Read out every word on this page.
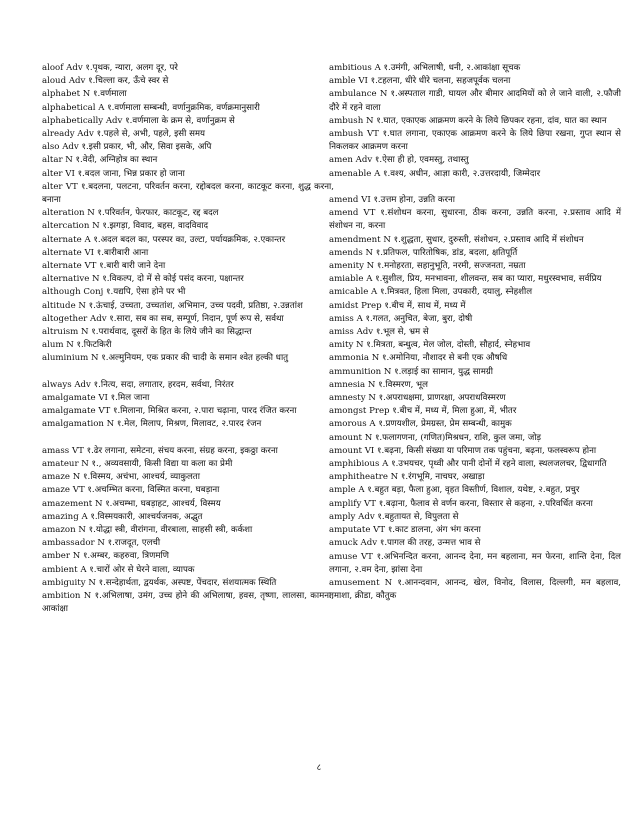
aloof Adv १.पृथक, न्यारा, अलग दूर, परे

aloud Adv १.चिल्ला कर, ऊँचे स्वर से

alphabet N १.वर्णमाला

alphabetical A १.वर्णमाला सम्बन्धी, वर्णानुक्रमिक, वर्णक्रमानुसारी

alphabetically Adv १.वर्णमाला के क्रम से, वर्णानुक्रम से

already Adv १.पहले से, अभी, पहले, इसी समय

also Adv १.इसी प्रकार, भी, और, सिवा इसके, अपि

altar N १.वेदी, अग्निहोत्र का स्थान

alter VI १.बदल जाना, भिन्न प्रकार हो जाना

alter VT १.बदलना, पलटना, परिवर्तन करना, रद्दोबदल करना, काटकूट करना, शुद्ध करना, बनाना

alteration N १.परिवर्तन, फेरफार, काटकूट, रद्द बदल

altercation N १.झगड़ा, विवाद, बहस, वादविवाद

alternate A १.अदल बदल का, परस्पर का, उल्टा, पर्यायक्रमिक, २.एकान्तर

alternate VI १.बारीबारी आना

alternate VT १.बारी बारी जाने देना

alternative N १.विकल्प, दो में से कोई पसंद करना, पक्षान्तर

although Conj १.यद्यपि, ऐसा होने पर भी

altitude N १.ऊंचाई, उच्चता, उच्चतांश, अभिमान, उच्च पदवी, प्रतिष्ठा, २.उन्नतांश

altogether Adv १.सारा, सब का सब, सम्पूर्ण, निदान, पूर्ण रूप से, सर्वथा

altruism N १.परार्थवाद, दूसरों के हित के लिये जीने का सिद्धान्त

alum N १.फिटकिरी

aluminium N १.अल्मुनियम, एक प्रकार की चादी के समान श्वेत हल्की धातु

always Adv १.नित्य, सदा, लगातार, हरदम, सर्वथा, निरंतर

amalgamate VI १.मिल जाना

amalgamate VT १.मिलाना, मिश्रित करना, २.पारा चढ़ाना, पारद रंजित करना

amalgamation N १.मेल, मिलाप, मिश्रण, मिलावट, २.पारद रंजन

amass VT १.ढेर लगाना, समेटना, संचय करना, संग्रह करना, इकठ्ठा करना

amateur N १., अव्यवसायी, किसी विद्या या कला का प्रेमी

amaze N १.विस्मय, अचंभा, आश्चर्य, व्याकुलता

amaze VT १.अचम्भित करना, विस्मित करना, घबड़ाना

amazement N १.अचम्भा, घबड़ाहट, आश्चर्य, विस्मय

amazing A १.विस्मयकारी, आश्चर्यजनक, अद्भुत

amazon N १.योद्धा स्त्री, वीरांगना, वीरबाला, साहसी स्त्री, कर्कशा

ambassador N १.राजदूत, एलची

amber N १.अम्बर, कहरुवा, त्रिणमणि

ambient A १.चारों ओर से घेरने वाला, व्यापक

ambiguity N १.सन्देहार्थता, द्वयर्थक, अस्पष्ट, पेंचदार, संशयात्मक स्थिति

ambition N १.अभिलाषा, उमंग, उच्च होने की अभिलाषा, हवस, तृष्णा, लालसा, कामना, आकांक्षा

ambitious A १.उमंगी, अभिलाषी, धनी, २.आकांक्षा सूचक

amble VI १.टहलना, धीरे धीरे चलना, सहजपूर्वक चलना

ambulance N १.अस्पताल गाडी, घायल और बीमार आदमियों को ले जाने वाली, २.फौजी दौरे में रहने वाला

ambush N १.घात, एकाएक आक्रमण करने के लिये छिपकर रहना, दांव, घात का स्थान

ambush VT १.घात लगाना, एकाएक आक्रमण करने के लिये छिपा रखना, गुप्त स्थान से निकलकर आक्रमण करना

amen Adv १.ऐसा ही हो, एवमस्तु, तथास्तु

amenable A १.वश्य, अधीन, आज्ञा कारी, २.उत्तरदायी, जिम्मेदार

amend VI १.उत्तम होना, उन्नति करना

amend VT १.संशोधन करना, सुधारना, ठीक करना, उन्नति करना, २.प्रस्ताव आदि में संशोधन ना, करना

amendment N १.शुद्धता, सुधार, दुरुस्ती, संशोधन, २.प्रस्ताव आदि में संशोधन

amends N १.प्रतिफल, पारितोषिक, डांड, बदला, क्षतिपूर्ति

amenity N १.मनोहरता, सहानुभूति, नरमी, सज्जनता, नम्रता

amiable A १.सुशील, प्रिय, मनभावना, शीलवन्त, सब का प्यारा, मधुरस्वभाव, सर्वप्रिय

amicable A १.मित्रवत, हिला मिला, उपकारी, दयालु, स्नेहशील

amidst Prep १.बीच में, साथ में, मध्य में

amiss A १.गलत, अनुचित, बेजा, बुरा, दोषी

amiss Adv १.भूल से, भ्रम से

amity N १.मित्रता, बन्धुत्व, मेल जोल, दोस्ती, सौहार्द, स्नेहभाव

ammonia N १.अमोनिया, नौशादर से बनी एक औषधि

ammunition N १.लड़ाई का सामान, युद्ध सामग्री

amnesia N १.विस्मरण, भूल

amnesty N १.अपराधक्षमा, प्राणरक्षा, अपराधविस्मरण

amongst Prep १.बीच में, मध्य में, मिला हुआ, में, भीतर

amorous A १.प्रणयशील, प्रेमग्रस्त, प्रेम सम्बन्धी, कामुक

amount N १.फलागणना, (गणित)मिश्रधन, राशि, कुल जमा, जोड़

amount VI १.बढ़ना, किसी संख्या या परिमाण तक पहुंचना, बढ़ना, फलस्वरूप होना

amphibious A १.उभयचर, पृथ्वी और पानी दोनों में रहने वाला, स्थलजलचर, द्विधागति

amphitheatre N १.रंगभूमि, नाचघर, अखाड़ा

ample A १.बहुत बड़ा, फैला हुआ, वृहत विस्तीर्ण, विशाल, यथेष्ट, २.बहुत, प्रचुर

amplify VT १.बढ़ाना, फैलाव से वर्णन करना, विस्तार से कहना, २.परिवर्धित करना

amply Adv १.बहुतायत से, विपुलता से

amputate VT १.काट डालना, अंग भंग करना

amuck Adv १.पागल की तरह, उन्मत्त भाव से

amuse VT १.अभिनन्दित करना, आनन्द देना, मन बहलाना, मन फेरना, शान्ति देना, दिल लगाना, २.वम देना, झांसा देना

amusement N १.आनन्दवान, आनन्द, खेल, विनोद, विलास, दिल्लगी, मन बहलाव, तमाशा, क्रीडा, कौतुक

८
